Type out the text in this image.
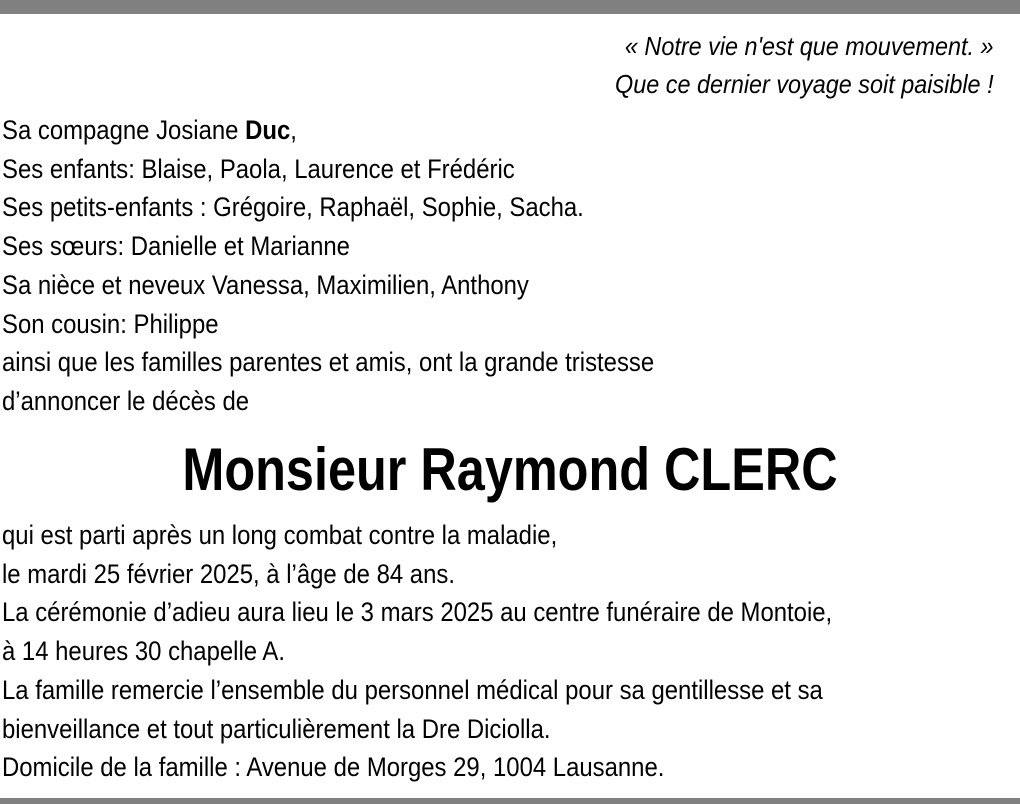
« Notre vie n'est que mouvement. »
Que ce dernier voyage soit paisible !
Sa compagne Josiane Duc,
Ses enfants: Blaise, Paola, Laurence et Frédéric
Ses petits-enfants : Grégoire, Raphaël, Sophie, Sacha.
Ses sœurs: Danielle et Marianne
Sa nièce et neveux Vanessa, Maximilien, Anthony
Son cousin: Philippe
ainsi que les familles parentes et amis, ont la grande tristesse
d’annoncer le décès de
Monsieur Raymond CLERC
qui est parti après un long combat contre la maladie,
le mardi 25 février 2025, à l’âge de 84 ans.
La cérémonie d’adieu aura lieu le 3 mars 2025 au centre funéraire de Montoie,
à 14 heures 30 chapelle A.
La famille remercie l’ensemble du personnel médical pour sa gentillesse et sa
bienveillance et tout particulièrement la Dre Diciolla.
Domicile de la famille : Avenue de Morges 29, 1004 Lausanne.
